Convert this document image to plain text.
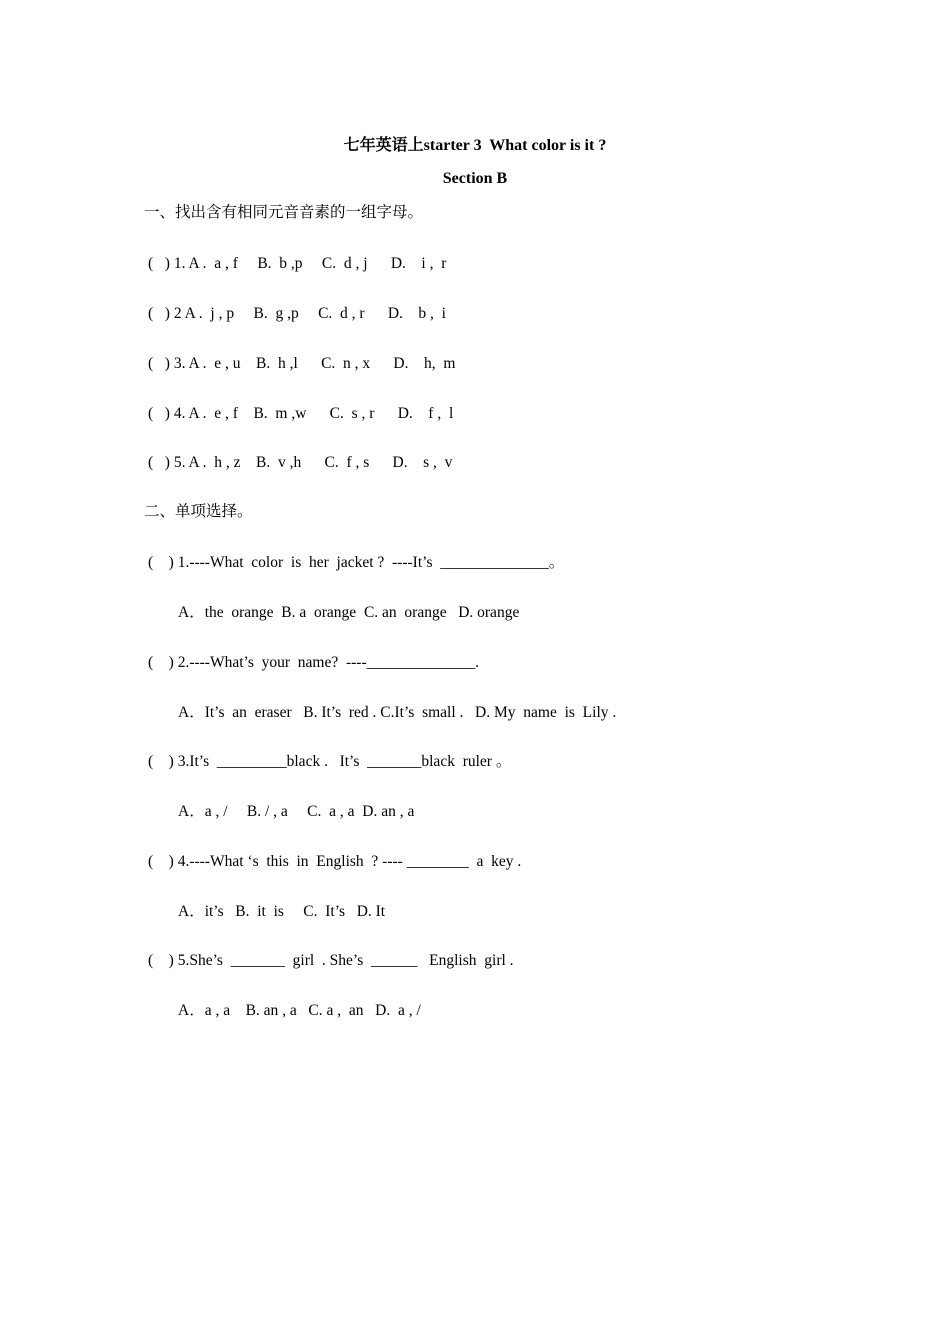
七年英语上starter 3  What color is it ?
Section B
一、找出含有相同元音音素的一组字母。
(   ) 1. A .  a , f     B.  b ,p     C.  d , j      D.    i ,  r
(   ) 2 A .  j , p     B.  g ,p     C.  d , r      D.    b ,  i
(   ) 3. A .  e , u    B.  h ,l      C.  n , x      D.    h,  m
(   ) 4. A .  e , f    B.  m ,w      C.  s , r      D.    f ,  l
(   ) 5. A .  h , z    B.  v ,h      C.  f , s      D.    s ,  v
二、单项选择。
(    ) 1.----What  color  is  her  jacket ?  ----It’s  ______________。
A．the  orange  B. a  orange  C. an  orange   D. orange
(    ) 2.----What’s  your  name?  ----______________.
A．It’s  an  eraser   B. It’s  red . C.It’s  small .   D. My  name  is  Lily .
(    ) 3.It’s  _________black .   It’s  _______black  ruler 。
A．a , /     B. / , a     C.  a , a  D. an , a
(    ) 4.----What ‘s  this  in  English  ? ---- ________  a  key .
A．it’s   B.  it  is     C.  It’s   D. It
(    ) 5.She’s  _______  girl  . She’s  ______   English  girl .
A．a , a    B. an , a   C. a ,  an   D.  a , /
